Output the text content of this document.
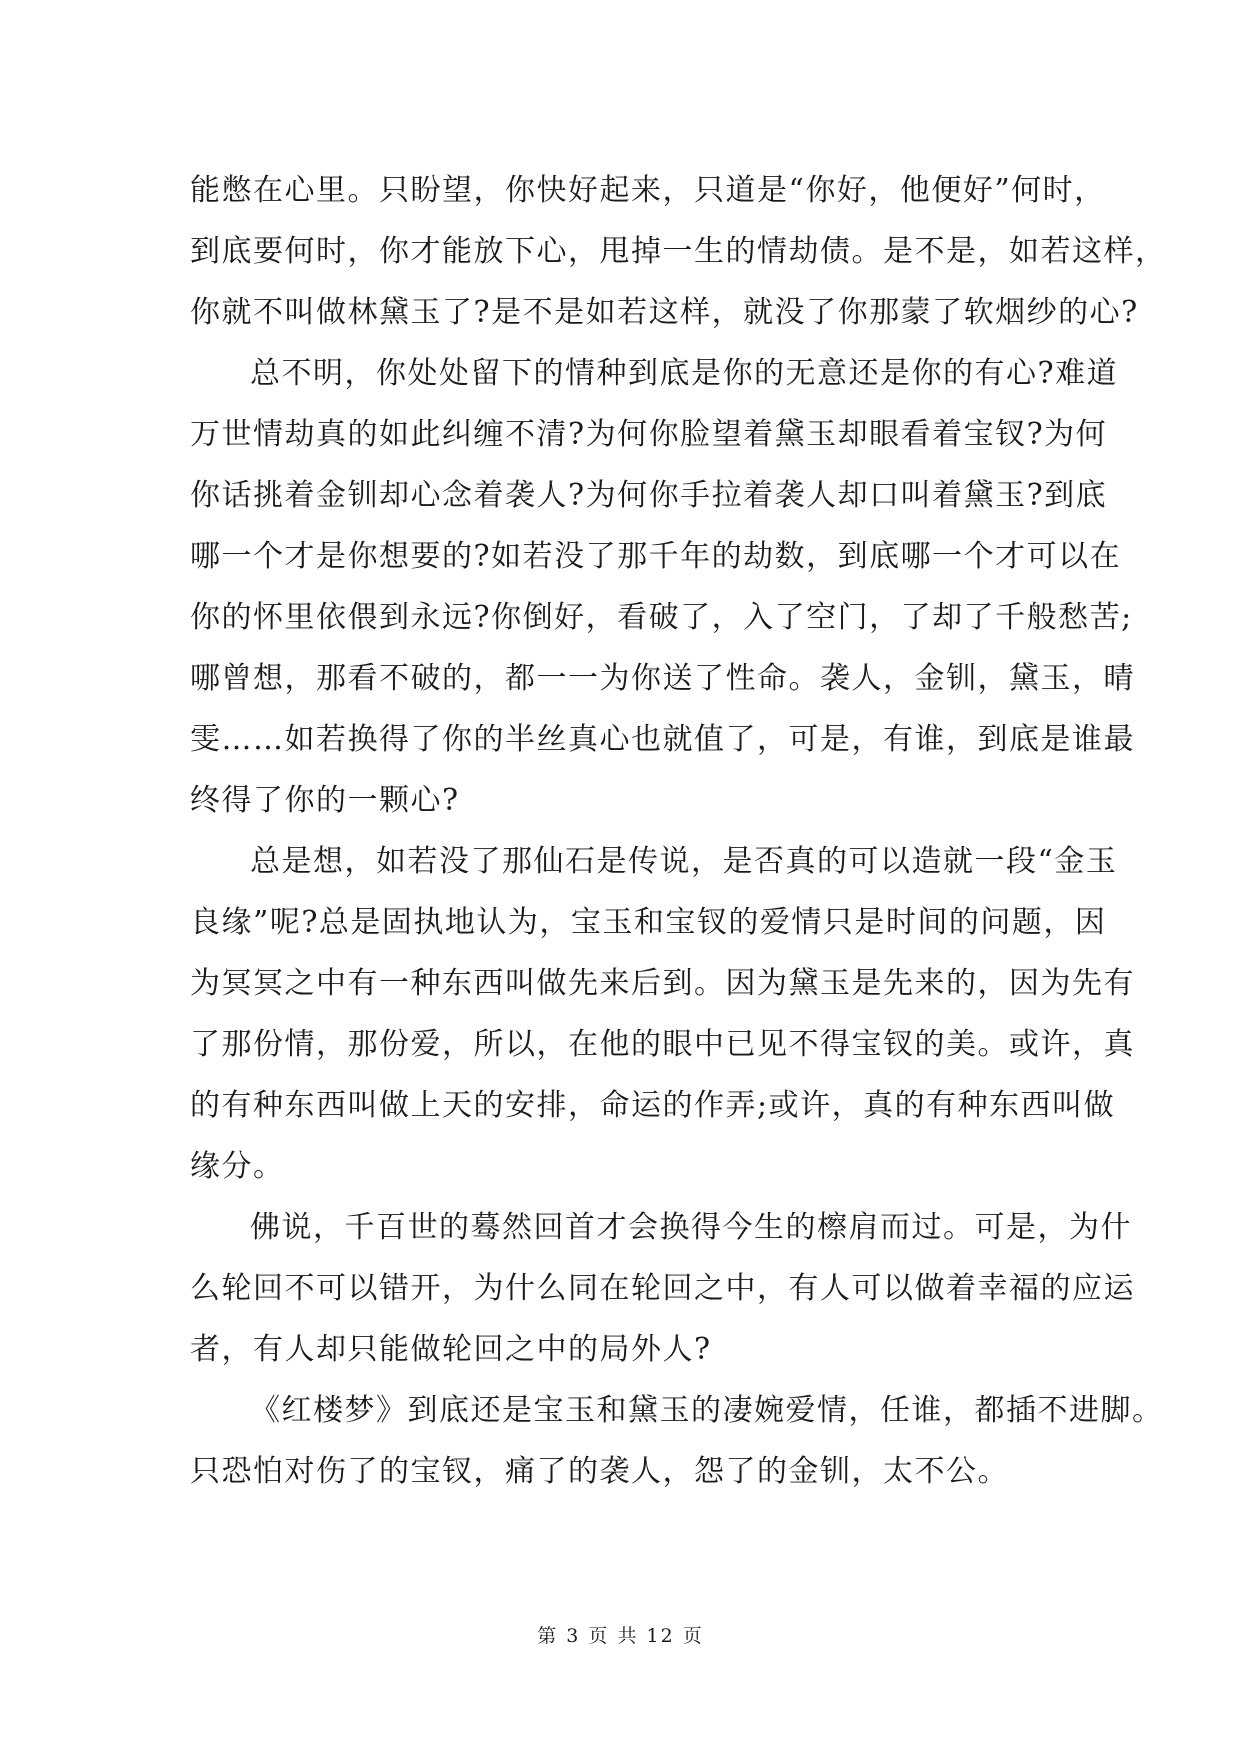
能憋在心里。只盼望，你快好起来，只道是“你好，他便好”何时，
到底要何时，你才能放下心，甩掉一生的情劫债。是不是，如若这样，
你就不叫做林黛玉了?是不是如若这样，就没了你那蒙了软烟纱的心?
总不明，你处处留下的情种到底是你的无意还是你的有心?难道
万世情劫真的如此纠缠不清?为何你脸望着黛玉却眼看着宝钗?为何
你话挑着金钏却心念着袭人?为何你手拉着袭人却口叫着黛玉?到底
哪一个才是你想要的?如若没了那千年的劫数，到底哪一个才可以在
你的怀里依偎到永远?你倒好，看破了，入了空门，了却了千般愁苦;
哪曾想，那看不破的，都一一为你送了性命。袭人，金钏，黛玉，晴
雯……如若换得了你的半丝真心也就值了，可是，有谁，到底是谁最
终得了你的一颗心?
总是想，如若没了那仙石是传说，是否真的可以造就一段“金玉
良缘”呢?总是固执地认为，宝玉和宝钗的爱情只是时间的问题，因
为冥冥之中有一种东西叫做先来后到。因为黛玉是先来的，因为先有
了那份情，那份爱，所以，在他的眼中已见不得宝钗的美。或许，真
的有种东西叫做上天的安排，命运的作弄;或许，真的有种东西叫做
缘分。
佛说，千百世的蓦然回首才会换得今生的檫肩而过。可是，为什
么轮回不可以错开，为什么同在轮回之中，有人可以做着幸福的应运
者，有人却只能做轮回之中的局外人?
《红楼梦》到底还是宝玉和黛玉的凄婉爱情，任谁，都插不进脚。
只恐怕对伤了的宝钗，痛了的袭人，怨了的金钏，太不公。
第 3 页 共 12 页
